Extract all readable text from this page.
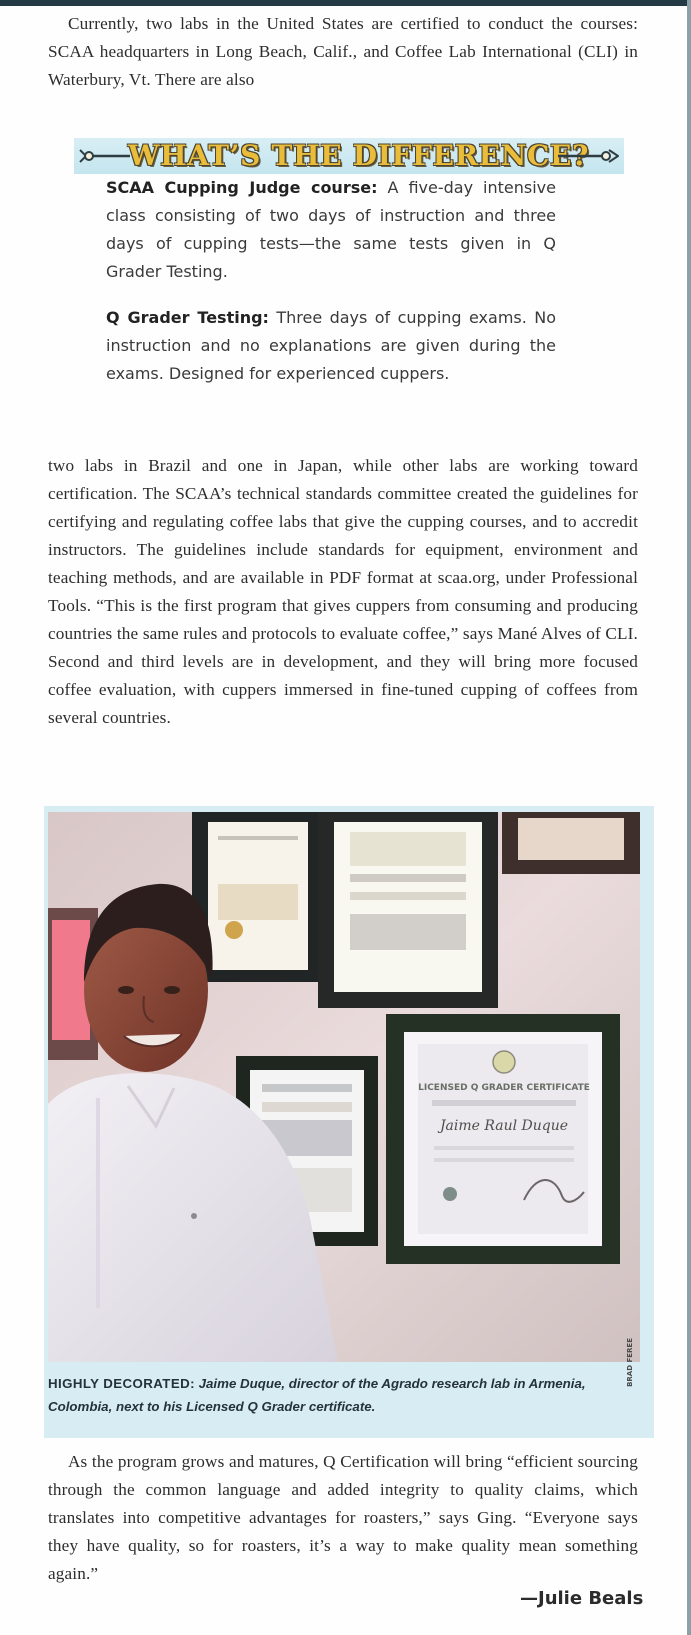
Currently, two labs in the United States are certified to conduct the courses: SCAA headquarters in Long Beach, Calif., and Coffee Lab International (CLI) in Waterbury, Vt. There are also

WHAT’S THE DIFFERENCE?

SCAA Cupping Judge course: A five-day intensive class consisting of two days of instruction and three days of cupping tests—the same tests given in Q Grader Testing.

Q Grader Testing: Three days of cupping exams. No instruction and no explanations are given during the exams. Designed for experienced cuppers.

two labs in Brazil and one in Japan, while other labs are working toward certification. The SCAA’s technical standards committee created the guidelines for certifying and regulating coffee labs that give the cupping courses, and to accredit instructors. The guidelines include standards for equipment, environment and teaching methods, and are available in PDF format at scaa.org, under Professional Tools. “This is the first program that gives cuppers from consuming and producing countries the same rules and protocols to evaluate coffee,” says Mané Alves of CLI. Second and third levels are in development, and they will bring more focused coffee evaluation, with cuppers immersed in fine-tuned cupping of coffees from several countries.

LICENSED Q GRADER CERTIFICATE
Jaime Raul Duque
BRAD FEREE
HIGHLY DECORATED: Jaime Duque, director of the Agrado research lab in Armenia, Colombia, next to his Licensed Q Grader certificate.

As the program grows and matures, Q Certification will bring “efficient sourcing through the common language and added integrity to quality claims, which translates into competitive advantages for roasters,” says Ging. “Everyone says they have quality, so for roasters, it’s a way to make quality mean something again.”

—Julie Beals
